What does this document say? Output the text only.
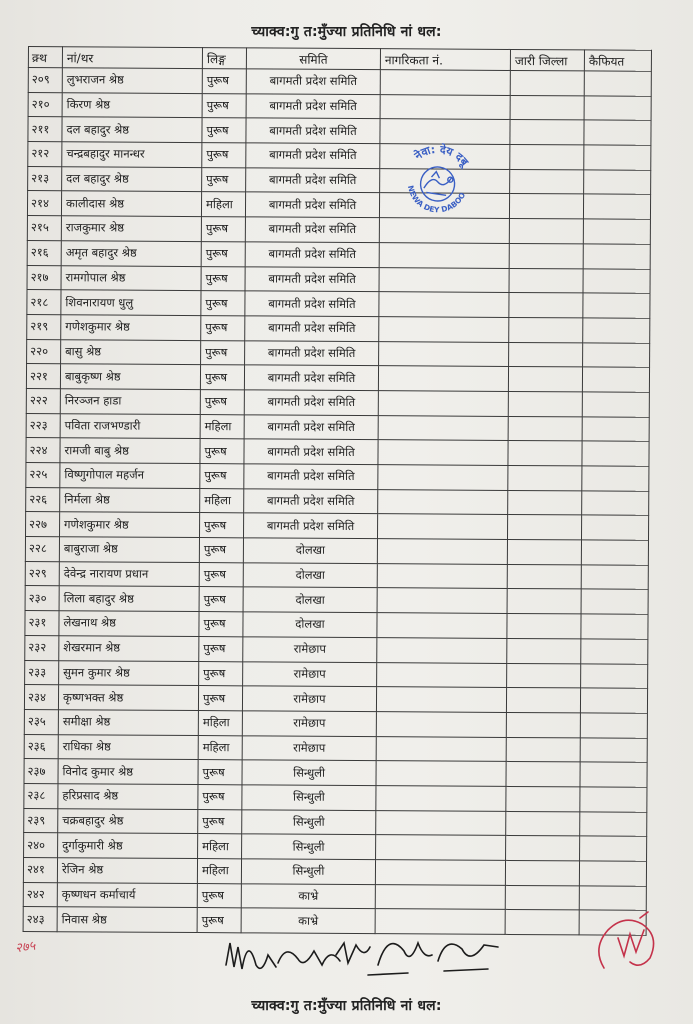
च्याक्व:गु त:मुँज्या प्रतिनिधि नां धल:
क्र्थ	नां/थर	लिङ्ग	समिति	नागरिकता नं.	जारी जिल्ला	कैफियत
२०९	लुभराजन श्रेष्ठ	पुरूष	बागमती प्रदेश समिति			
२१०	किरण श्रेष्ठ	पुरूष	बागमती प्रदेश समिति			
२११	दल बहादुर श्रेष्ठ	पुरूष	बागमती प्रदेश समिति			
२१२	चन्द्रबहादुर मानन्धर	पुरूष	बागमती प्रदेश समिति			
२१३	दल बहादुर श्रेष्ठ	पुरूष	बागमती प्रदेश समिति			
२१४	कालीदास श्रेष्ठ	महिला	बागमती प्रदेश समिति			
२१५	राजकुमार श्रेष्ठ	पुरूष	बागमती प्रदेश समिति			
२१६	अमृत बहादुर श्रेष्ठ	पुरूष	बागमती प्रदेश समिति			
२१७	रामगोपाल श्रेष्ठ	पुरूष	बागमती प्रदेश समिति			
२१८	शिवनारायण धुलु	पुरूष	बागमती प्रदेश समिति			
२१९	गणेशकुमार श्रेष्ठ	पुरूष	बागमती प्रदेश समिति			
२२०	बासु श्रेष्ठ	पुरूष	बागमती प्रदेश समिति			
२२१	बाबुकृष्ण श्रेष्ठ	पुरूष	बागमती प्रदेश समिति			
२२२	निरञ्जन हाडा	पुरूष	बागमती प्रदेश समिति			
२२३	पविता राजभण्डारी	महिला	बागमती प्रदेश समिति			
२२४	रामजी बाबु श्रेष्ठ	पुरूष	बागमती प्रदेश समिति			
२२५	विष्णुगोपाल महर्जन	पुरूष	बागमती प्रदेश समिति			
२२६	निर्मला श्रेष्ठ	महिला	बागमती प्रदेश समिति			
२२७	गणेशकुमार श्रेष्ठ	पुरूष	बागमती प्रदेश समिति			
२२८	बाबुराजा श्रेष्ठ	पुरूष	दोलखा			
२२९	देवेन्द्र नारायण प्रधान	पुरूष	दोलखा			
२३०	लिला बहादुर श्रेष्ठ	पुरूष	दोलखा			
२३१	लेखनाथ श्रेष्ठ	पुरूष	दोलखा			
२३२	शेखरमान श्रेष्ठ	पुरूष	रामेछाप			
२३३	सुमन कुमार श्रेष्ठ	पुरूष	रामेछाप			
२३४	कृष्णभक्त श्रेष्ठ	पुरूष	रामेछाप			
२३५	समीक्षा श्रेष्ठ	महिला	रामेछाप			
२३६	राधिका श्रेष्ठ	महिला	रामेछाप			
२३७	विनोद कुमार श्रेष्ठ	पुरूष	सिन्धुली			
२३८	हरिप्रसाद श्रेष्ठ	पुरूष	सिन्धुली			
२३९	चक्रबहादुर श्रेष्ठ	पुरूष	सिन्धुली			
२४०	दुर्गाकुमारी श्रेष्ठ	महिला	सिन्धुली			
२४१	रेजिन श्रेष्ठ	महिला	सिन्धुली			
२४२	कृष्णधन कर्माचार्य	पुरूष	काभ्रे			
२४३	निवास श्रेष्ठ	पुरूष	काभ्रे			
नेवा: देय दबू
NEWA DEY DABOO
२७५
च्याक्व:गु त:मुँज्या प्रतिनिधि नां धल:
